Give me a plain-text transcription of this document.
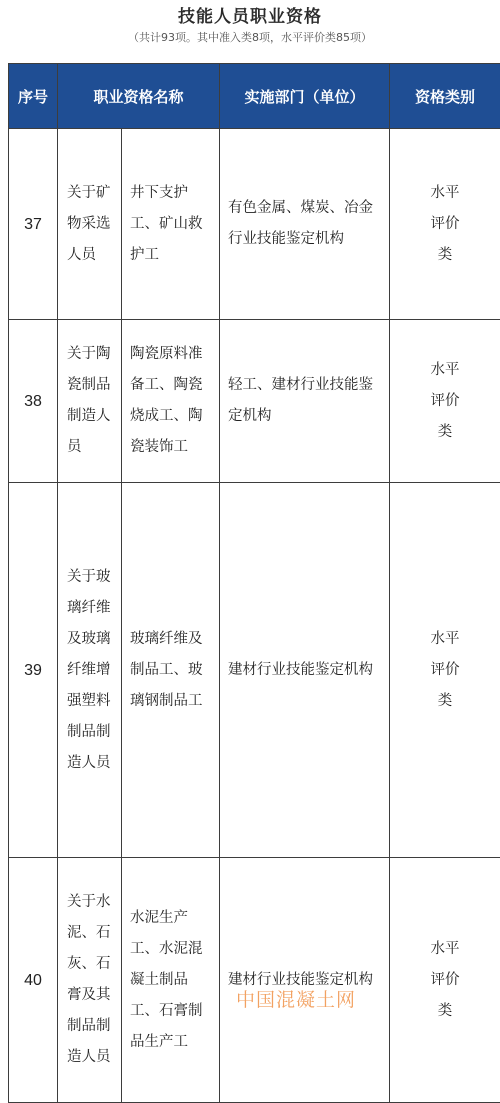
技能人员职业资格
（共计93项。其中准入类8项，水平评价类85项）
序号	职业资格名称		实施部门（单位）	资格类别
37	关于矿物采选人员	井下支护工、矿山救护工	有色金属、煤炭、冶金行业技能鉴定机构	水平评价类

38	关于陶瓷制品制造人员	陶瓷原料准备工、陶瓷烧成工、陶瓷装饰工	轻工、建材行业技能鉴定机构	水平评价类

39	关于玻璃纤维及玻璃纤维增强塑料制品制造人员	玻璃纤维及制品工、玻璃钢制品工	建材行业技能鉴定机构	水平评价类

40	关于水泥、石灰、石膏及其制品制造人员	水泥生产工、水泥混凝土制品工、石膏制品生产工	建材行业技能鉴定机构	水平评价类
中国混凝土网
